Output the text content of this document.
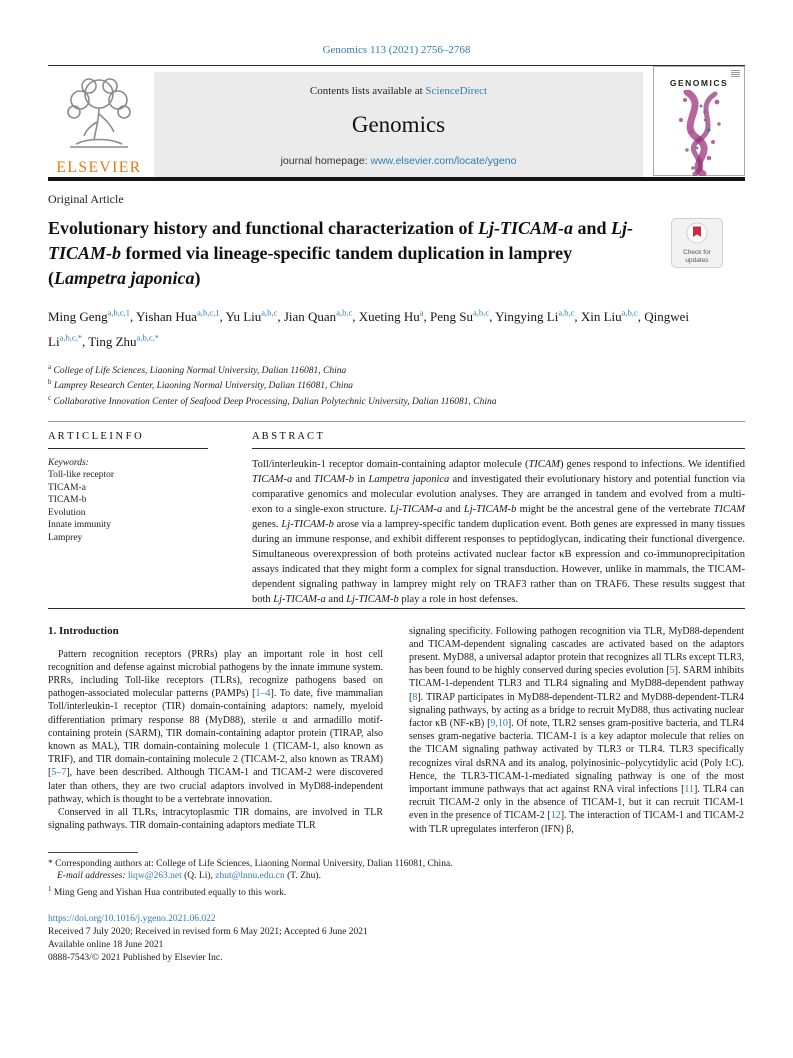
Genomics 113 (2021) 2756–2768
ELSEVIER
Contents lists available at ScienceDirect
Genomics
journal homepage: www.elsevier.com/locate/ygeno
GENOMICS
Original Article
Evolutionary history and functional characterization of Lj-TICAM-a and Lj-TICAM-b formed via lineage-specific tandem duplication in lamprey (Lampetra japonica)
Check for
updates
Ming Geng$^{a,b,c,1}$, Yishan Hua$^{a,b,c,1}$, Yu Liu$^{a,b,c}$, Jian Quan$^{a,b,c}$, Xueting Hu$^a$, Peng Su$^{a,b,c}$, Yingying Li$^{a,b,c}$, Xin Liu$^{a,b,c}$, Qingwei $Li^{a,b,c,*}$, Ting Zhu$^{a,b,c,*}$
$^a$ College of Life Sciences, Liaoning Normal University, Dalian 116081, China
$^b$ Lamprey Research Center, Liaoning Normal University, Dalian 116081, China
$^c$ Collaborative Innovation Center of Seafood Deep Processing, Dalian Polytechnic University, Dalian 116081, China
A R T I C L E I N F O
Keywords:
Toll-like receptor
TICAM-a
TICAM-b
Evolution
Innate immunity
Lamprey
A B S T R A C T
Toll/interleukin-1 receptor domain-containing adaptor molecule (TICAM) genes respond to infections. We identified TICAM-a and TICAM-b in Lampetra japonica and investigated their evolutionary history and potential function via comparative genomics and molecular evolution analyses. They are arranged in tandem and evolved from a multi-exon to a single-exon structure. Lj-TICAM-a and Lj-TICAM-b might be the ancestral gene of the vertebrate TICAM genes. Lj-TICAM-b arose via a lamprey-specific tandem duplication event. Both genes are expressed in many tissues during an immune response, and exhibit different responses to peptidoglycan, indicating their functional divergence. Simultaneous overexpression of both proteins activated nuclear factor κB expression and co-immunoprecipitation assays indicated that they might form a complex for signal transduction. However, unlike in mammals, the TICAM-dependent signaling pathway in lamprey might rely on TRAF3 rather than on TRAF6. These results suggest that both Lj-TICAM-a and Lj-TICAM-b play a role in host defenses.
1. Introduction

Pattern recognition receptors (PRRs) play an important role in host cell recognition and defense against microbial pathogens by the innate immune system. PRRs, including Toll-like receptors (TLRs), recognize pathogens based on pathogen-associated molecular patterns (PAMPs) [1–4]. To date, five mammalian Toll/interleukin-1 receptor (TIR) domain-containing adaptors: namely, myeloid differentiation primary response 88 (MyD88), sterile α and armadillo motif-containing protein (SARM), TIR domain-containing adaptor protein (TIRAP, also known as MAL), TIR domain-containing molecule 1 (TICAM-1, also known as TRIF), and TIR domain-containing molecule 2 (TICAM-2, also known as TRAM) [5–7], have been described. Although TICAM-1 and TICAM-2 were discovered later than others, they are two crucial adaptors involved in MyD88-independent pathway, which is thought to be a vertebrate innovation.

Conserved in all TLRs, intracytoplasmic TIR domains, are involved in TLR signaling pathways. TIR domain-containing adaptors mediate TLR

signaling specificity. Following pathogen recognition via TLR, MyD88-dependent and TICAM-dependent signaling cascades are activated based on the adaptors present. MyD88, a universal adaptor protein that recognizes all TLRs except TLR3, has been found to be highly conserved during species evolution [5]. SARM inhibits TICAM-1-dependent TLR3 and TLR4 signaling and MyD88-dependent pathway [8]. TIRAP participates in MyD88-dependent-TLR2 and MyD88-dependent-TLR4 signaling pathways, by acting as a bridge to recruit MyD88, thus activating nuclear factor κB (NF-κB) [9,10]. Of note, TLR2 senses gram-positive bacteria, and TLR4 senses gram-negative bacteria. TICAM-1 is a key adaptor molecule that relies on the TICAM signaling pathway activated by TLR3 or TLR4. TLR3 specifically recognizes viral dsRNA and its analog, polyinosinic–polycytidylic acid (Poly I:C). Hence, the TLR3-TICAM-1-mediated signaling pathway is one of the most important immune pathways that act against RNA viral infections [11]. TLR4 can recruit TICAM-2 only in the absence of TICAM-1, but it can recruit TICAM-1 even in the presence of TICAM-2 [12]. The interaction of TICAM-1 and TICAM-2 with TLR upregulates interferon (IFN) β,

* Corresponding authors at: College of Life Sciences, Liaoning Normal University, Dalian 116081, China.
E-mail addresses: liqw@263.net (Q. Li), zhut@lnnu.edu.cn (T. Zhu).
$^1$ Ming Geng and Yishan Hua contributed equally to this work.
https://doi.org/10.1016/j.ygeno.2021.06.022
Received 7 July 2020; Received in revised form 6 May 2021; Accepted 6 June 2021
Available online 18 June 2021
0888-7543/© 2021 Published by Elsevier Inc.
